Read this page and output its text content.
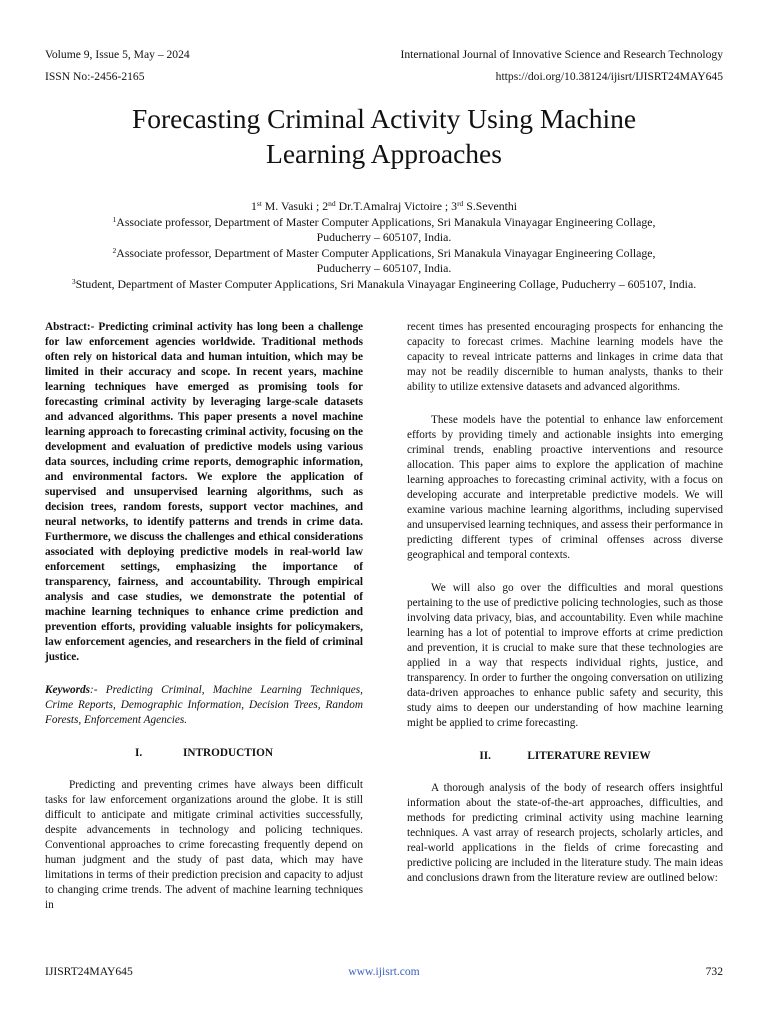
Volume 9, Issue 5, May – 2024	International Journal of Innovative Science and Research Technology
ISSN No:-2456-2165	https://doi.org/10.38124/ijisrt/IJISRT24MAY645
Forecasting Criminal Activity Using Machine
Learning Approaches
1st M. Vasuki ; 2nd Dr.T.Amalraj Victoire ; 3rd S.Seventhi
$^1$Associate professor, Department of Master Computer Applications, Sri Manakula Vinayagar Engineering Collage,
Puducherry – 605107, India.
$^2$Associate professor, Department of Master Computer Applications, Sri Manakula Vinayagar Engineering Collage,
Puducherry – 605107, India.
$^3$Student, Department of Master Computer Applications, Sri Manakula Vinayagar Engineering Collage, Puducherry – 605107, India.

Abstract:- Predicting criminal activity has long been a challenge for law enforcement agencies worldwide. Traditional methods often rely on historical data and human intuition, which may be limited in their accuracy and scope. In recent years, machine learning techniques have emerged as promising tools for forecasting criminal activity by leveraging large-scale datasets and advanced algorithms. This paper presents a novel machine learning approach to forecasting criminal activity, focusing on the development and evaluation of predictive models using various data sources, including crime reports, demographic information, and environmental factors. We explore the application of supervised and unsupervised learning algorithms, such as decision trees, random forests, support vector machines, and neural networks, to identify patterns and trends in crime data. Furthermore, we discuss the challenges and ethical considerations associated with deploying predictive models in real-world law enforcement settings, emphasizing the importance of transparency, fairness, and accountability. Through empirical analysis and case studies, we demonstrate the potential of machine learning techniques to enhance crime prediction and prevention efforts, providing valuable insights for policymakers, law enforcement agencies, and researchers in the field of criminal justice.

Keywords:- Predicting Criminal, Machine Learning Techniques, Crime Reports, Demographic Information, Decision Trees, Random Forests, Enforcement Agencies.

I.	INTRODUCTION

Predicting and preventing crimes have always been difficult tasks for law enforcement organizations around the globe. It is still difficult to anticipate and mitigate criminal activities successfully, despite advancements in technology and policing techniques. Conventional approaches to crime forecasting frequently depend on human judgment and the study of past data, which may have limitations in terms of their prediction precision and capacity to adjust to changing crime trends. The advent of machine learning techniques in

recent times has presented encouraging prospects for enhancing the capacity to forecast crimes. Machine learning models have the capacity to reveal intricate patterns and linkages in crime data that may not be readily discernible to human analysts, thanks to their ability to utilize extensive datasets and advanced algorithms.

These models have the potential to enhance law enforcement efforts by providing timely and actionable insights into emerging criminal trends, enabling proactive interventions and resource allocation. This paper aims to explore the application of machine learning approaches to forecasting criminal activity, with a focus on developing accurate and interpretable predictive models. We will examine various machine learning algorithms, including supervised and unsupervised learning techniques, and assess their performance in predicting different types of criminal offenses across diverse geographical and temporal contexts.

We will also go over the difficulties and moral questions pertaining to the use of predictive policing technologies, such as those involving data privacy, bias, and accountability. Even while machine learning has a lot of potential to improve efforts at crime prediction and prevention, it is crucial to make sure that these technologies are applied in a way that respects individual rights, justice, and transparency. In order to further the ongoing conversation on utilizing data-driven approaches to enhance public safety and security, this study aims to deepen our understanding of how machine learning might be applied to crime forecasting.

II.	LITERATURE REVIEW

A thorough analysis of the body of research offers insightful information about the state-of-the-art approaches, difficulties, and methods for predicting criminal activity using machine learning techniques. A vast array of research projects, scholarly articles, and real-world applications in the fields of crime forecasting and predictive policing are included in the literature study. The main ideas and conclusions drawn from the literature review are outlined below:

IJISRT24MAY645	www.ijisrt.com	732
